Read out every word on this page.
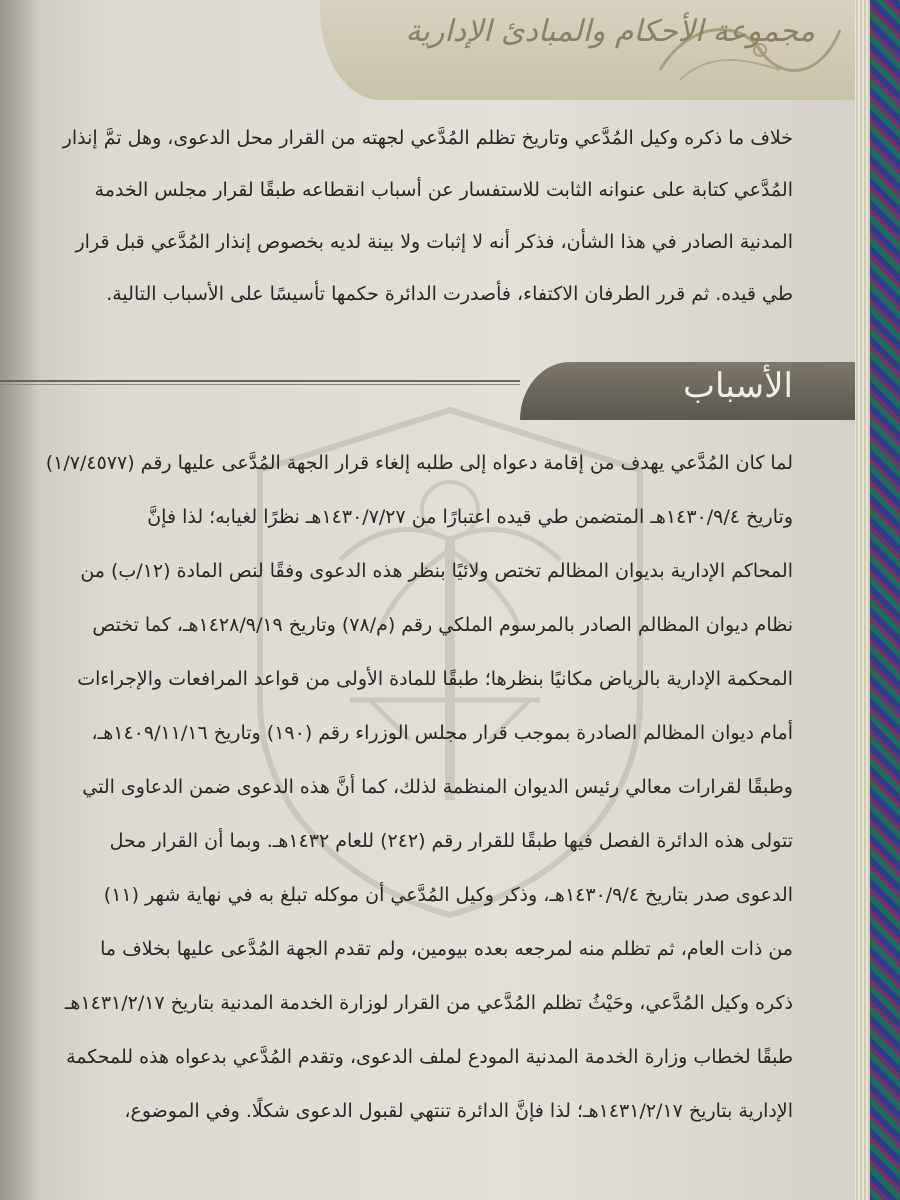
مجموعة الأحكام والمبادئ الإدارية
خلاف ما ذكره وكيل المُدَّعي وتاريخ تظلم المُدَّعي لجهته من القرار محل الدعوى، وهل تمَّ إنذار
المُدَّعي كتابة على عنوانه الثابت للاستفسار عن أسباب انقطاعه طبقًا لقرار مجلس الخدمة
المدنية الصادر في هذا الشأن، فذكر أنه لا إثبات ولا بينة لديه بخصوص إنذار المُدَّعي قبل قرار
طي قيده. ثم قرر الطرفان الاكتفاء، فأصدرت الدائرة حكمها تأسيسًا على الأسباب التالية.
الأسباب
لما كان المُدَّعي يهدف من إقامة دعواه إلى طلبه إلغاء قرار الجهة المُدَّعى عليها رقم (١/٧/٤٥٧٧)
وتاريخ ١٤٣٠/٩/٤هـ المتضمن طي قيده اعتبارًا من ١٤٣٠/٧/٢٧هـ نظرًا لغيابه؛ لذا فإنَّ
المحاكم الإدارية بديوان المظالم تختص ولائيًا بنظر هذه الدعوى وفقًا لنص المادة (١٢/ب) من
نظام ديوان المظالم الصادر بالمرسوم الملكي رقم (م/٧٨) وتاريخ ١٤٢٨/٩/١٩هـ، كما تختص
المحكمة الإدارية بالرياض مكانيًا بنظرها؛ طبقًا للمادة الأولى من قواعد المرافعات والإجراءات
أمام ديوان المظالم الصادرة بموجب قرار مجلس الوزراء رقم (١٩٠) وتاريخ ١٤٠٩/١١/١٦هـ،
وطبقًا لقرارات معالي رئيس الديوان المنظمة لذلك، كما أنَّ هذه الدعوى ضمن الدعاوى التي
تتولى هذه الدائرة الفصل فيها طبقًا للقرار رقم (٢٤٢) للعام ١٤٣٢هـ. وبما أن القرار محل
الدعوى صدر بتاريخ ١٤٣٠/٩/٤هـ، وذكر وكيل المُدَّعي أن موكله تبلغ به في نهاية شهر (١١)
من ذات العام، ثم تظلم منه لمرجعه بعده بيومين، ولم تقدم الجهة المُدَّعى عليها بخلاف ما
ذكره وكيل المُدَّعي، وحَيْثُ تظلم المُدَّعي من القرار لوزارة الخدمة المدنية بتاريخ ١٤٣١/٢/١٧هـ
طبقًا لخطاب وزارة الخدمة المدنية المودع لملف الدعوى، وتقدم المُدَّعي بدعواه هذه للمحكمة
الإدارية بتاريخ ١٤٣١/٢/١٧هـ؛ لذا فإنَّ الدائرة تنتهي لقبول الدعوى شكلًا. وفي الموضوع،
